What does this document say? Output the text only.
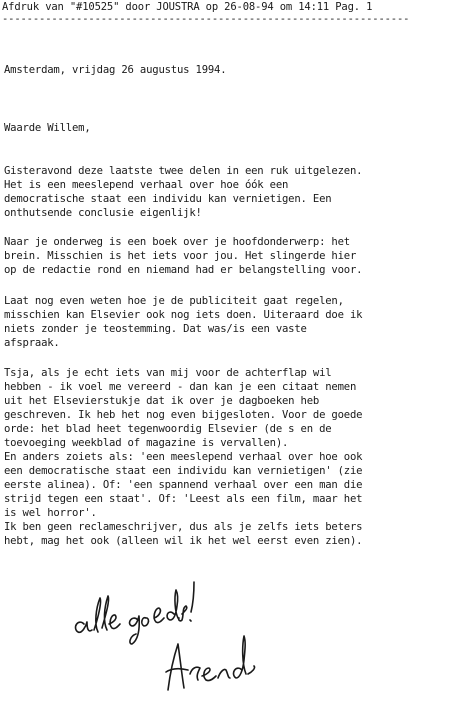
Afdruk van "#10525" door JOUSTRA op 26-08-94 om 14:11 Pag. 1
------------------------------------------------------------------
Amsterdam, vrijdag 26 augustus 1994.
Waarde Willem,
Gisteravond deze laatste twee delen in een ruk uitgelezen.
Het is een meeslepend verhaal over hoe óók een
democratische staat een individu kan vernietigen. Een
onthutsende conclusie eigenlijk!
Naar je onderweg is een boek over je hoofdonderwerp: het
brein. Misschien is het iets voor jou. Het slingerde hier
op de redactie rond en niemand had er belangstelling voor.
Laat nog even weten hoe je de publiciteit gaat regelen,
misschien kan Elsevier ook nog iets doen. Uiteraard doe ik
niets zonder je teostemming. Dat was/is een vaste
afspraak.
Tsja, als je echt iets van mij voor de achterflap wil
hebben - ik voel me vereerd - dan kan je een citaat nemen
uit het Elsevierstukje dat ik over je dagboeken heb
geschreven. Ik heb het nog even bijgesloten. Voor de goede
orde: het blad heet tegenwoordig Elsevier (de s en de
toevoeging weekblad of magazine is vervallen).
En anders zoiets als: 'een meeslepend verhaal over hoe ook
een democratische staat een individu kan vernietigen' (zie
eerste alinea). Of: 'een spannend verhaal over een man die
strijd tegen een staat'. Of: 'Leest als een film, maar het
is wel horror'.
Ik ben geen reclameschrijver, dus als je zelfs iets beters
hebt, mag het ook (alleen wil ik het wel eerst even zien).
